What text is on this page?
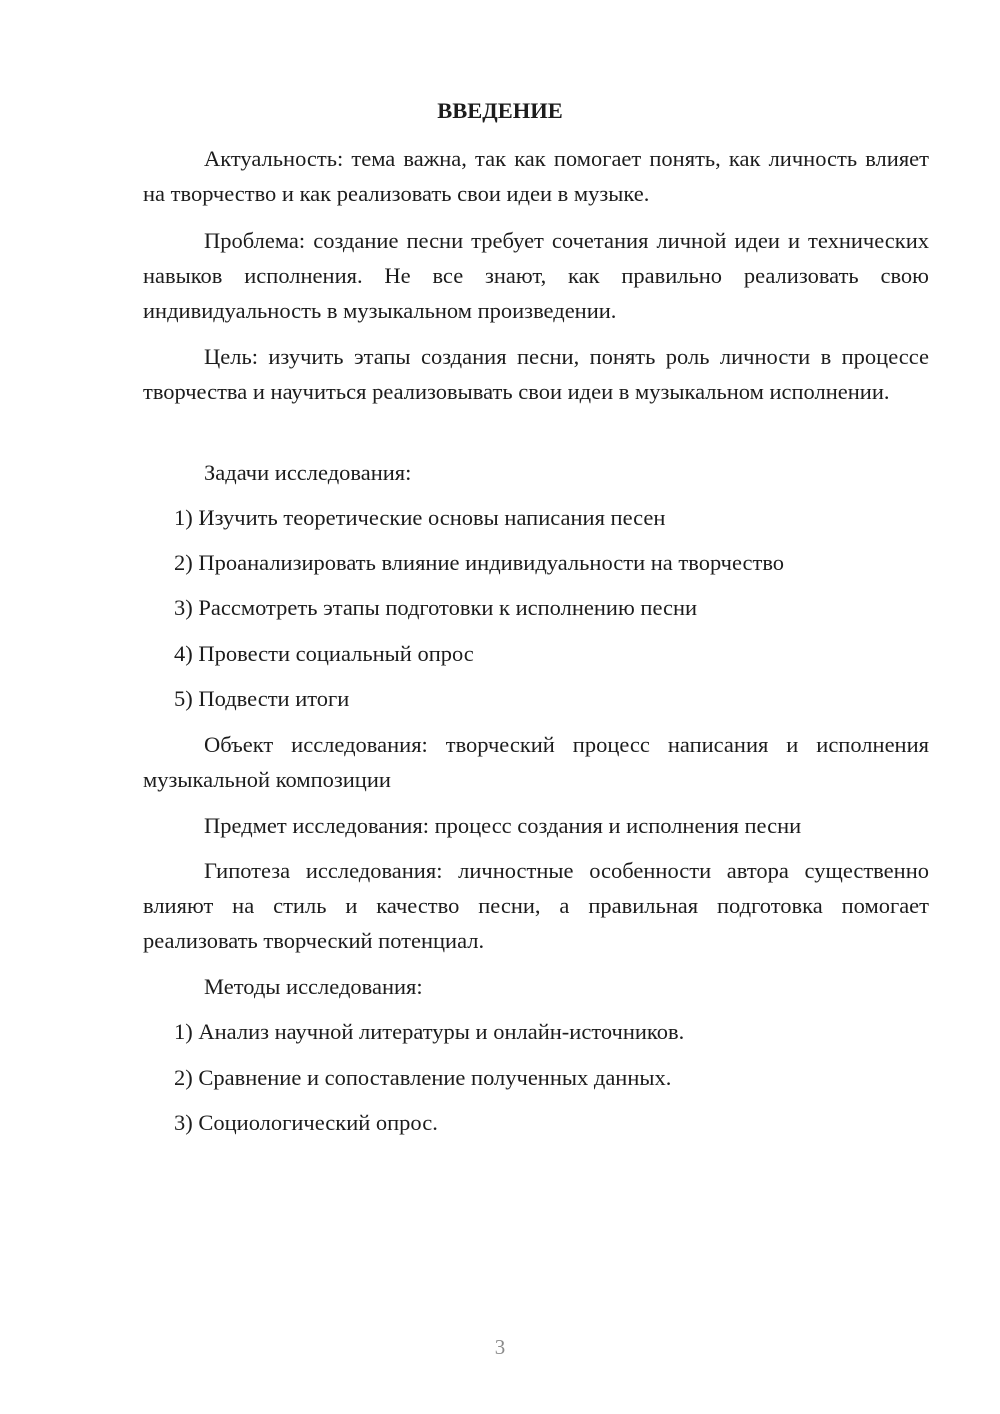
ВВЕДЕНИЕ

Актуальность: тема важна, так как помогает понять, как личность влияет на творчество и как реализовать свои идеи в музыке.

Проблема: создание песни требует сочетания личной идеи и технических навыков исполнения. Не все знают, как правильно реализовать свою индивидуальность в музыкальном произведении.

Цель: изучить этапы создания песни, понять роль личности в процессе творчества и научиться реализовывать свои идеи в музыкальном исполнении.

Задачи исследования:

1) Изучить теоретические основы написания песен

2) Проанализировать влияние индивидуальности на творчество

3) Рассмотреть этапы подготовки к исполнению песни

4) Провести социальный опрос

5) Подвести итоги

Объект исследования: творческий процесс написания и исполнения музыкальной композиции

Предмет исследования: процесс создания и исполнения песни

Гипотеза исследования: личностные особенности автора существенно влияют на стиль и качество песни, а правильная подготовка помогает реализовать творческий потенциал.

Методы исследования:

1) Анализ научной литературы и онлайн-источников.

2) Сравнение и сопоставление полученных данных.

3) Социологический опрос.

3
